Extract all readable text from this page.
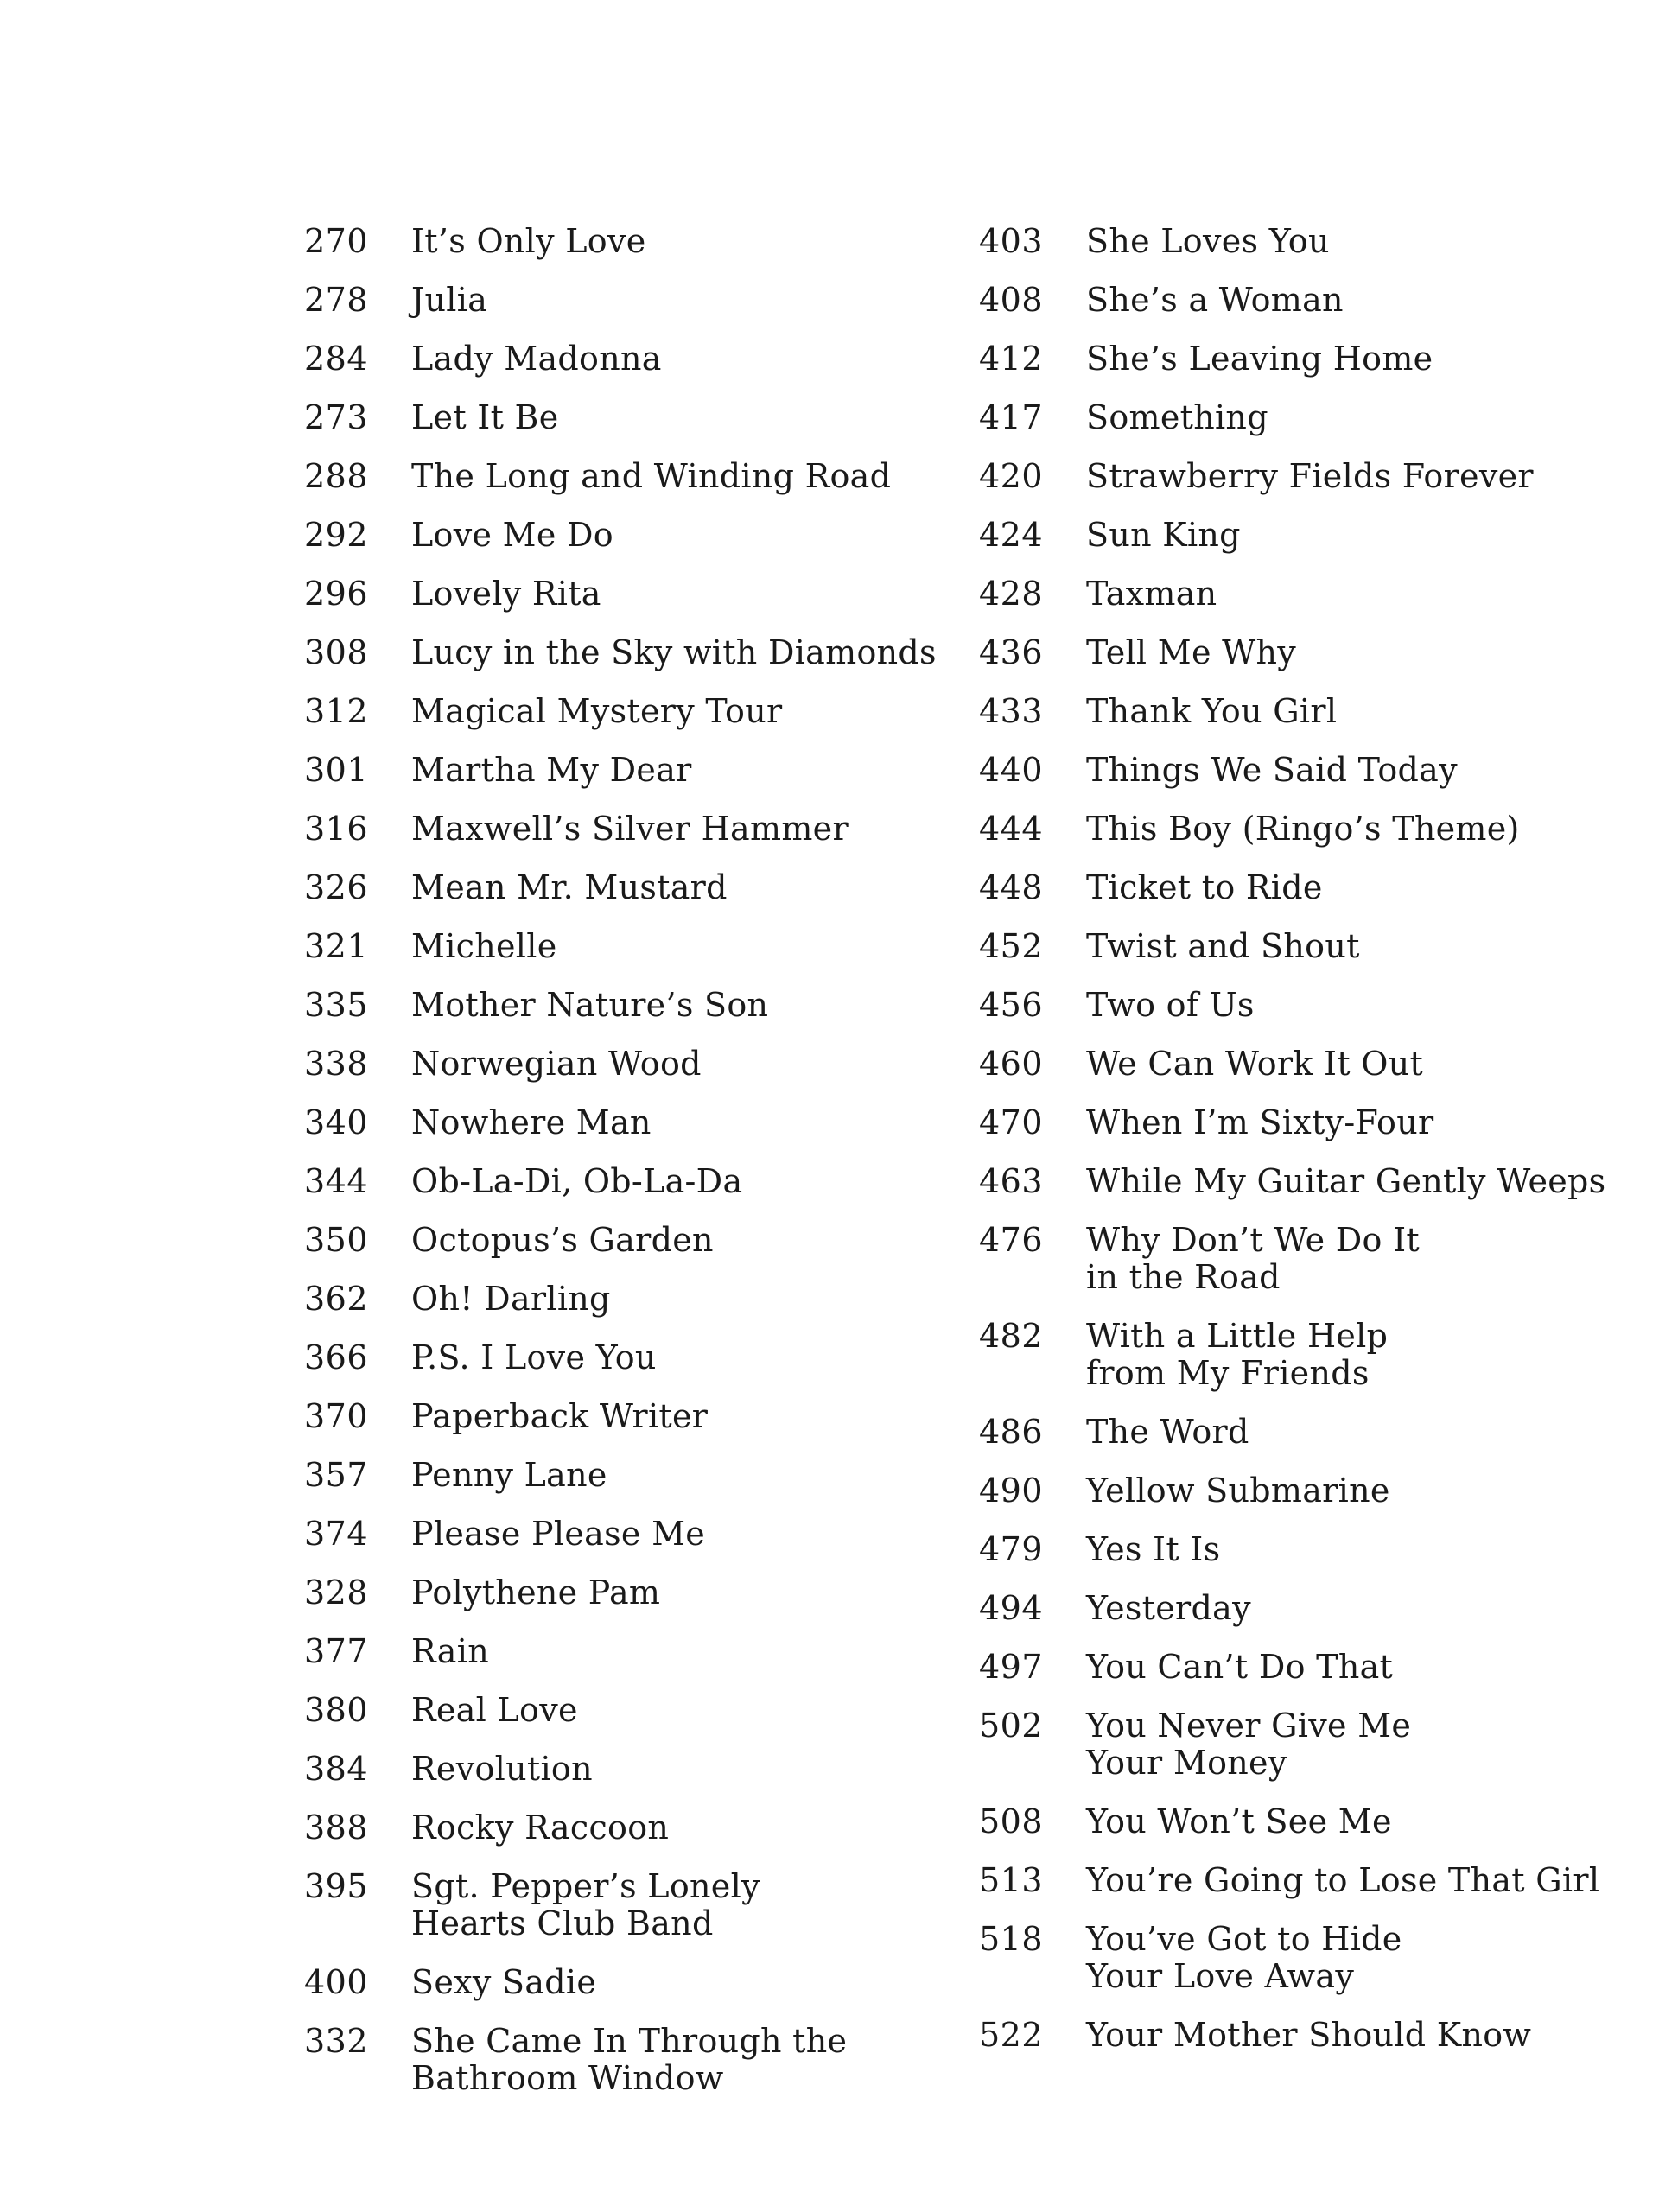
270	It’s Only Love
278	Julia
284	Lady Madonna
273	Let It Be
288	The Long and Winding Road
292	Love Me Do
296	Lovely Rita
308	Lucy in the Sky with Diamonds
312	Magical Mystery Tour
301	Martha My Dear
316	Maxwell’s Silver Hammer
326	Mean Mr. Mustard
321	Michelle
335	Mother Nature’s Son
338	Norwegian Wood
340	Nowhere Man
344	Ob-La-Di, Ob-La-Da
350	Octopus’s Garden
362	Oh! Darling
366	P.S. I Love You
370	Paperback Writer
357	Penny Lane
374	Please Please Me
328	Polythene Pam
377	Rain
380	Real Love
384	Revolution
388	Rocky Raccoon
395	Sgt. Pepper’s Lonely
Hearts Club Band
400	Sexy Sadie
332	She Came In Through the
Bathroom Window
403	She Loves You
408	She’s a Woman
412	She’s Leaving Home
417	Something
420	Strawberry Fields Forever
424	Sun King
428	Taxman
436	Tell Me Why
433	Thank You Girl
440	Things We Said Today
444	This Boy (Ringo’s Theme)
448	Ticket to Ride
452	Twist and Shout
456	Two of Us
460	We Can Work It Out
470	When I’m Sixty-Four
463	While My Guitar Gently Weeps
476	Why Don’t We Do It
in the Road
482	With a Little Help
from My Friends
486	The Word
490	Yellow Submarine
479	Yes It Is
494	Yesterday
497	You Can’t Do That
502	You Never Give Me
Your Money
508	You Won’t See Me
513	You’re Going to Lose That Girl
518	You’ve Got to Hide
Your Love Away
522	Your Mother Should Know
